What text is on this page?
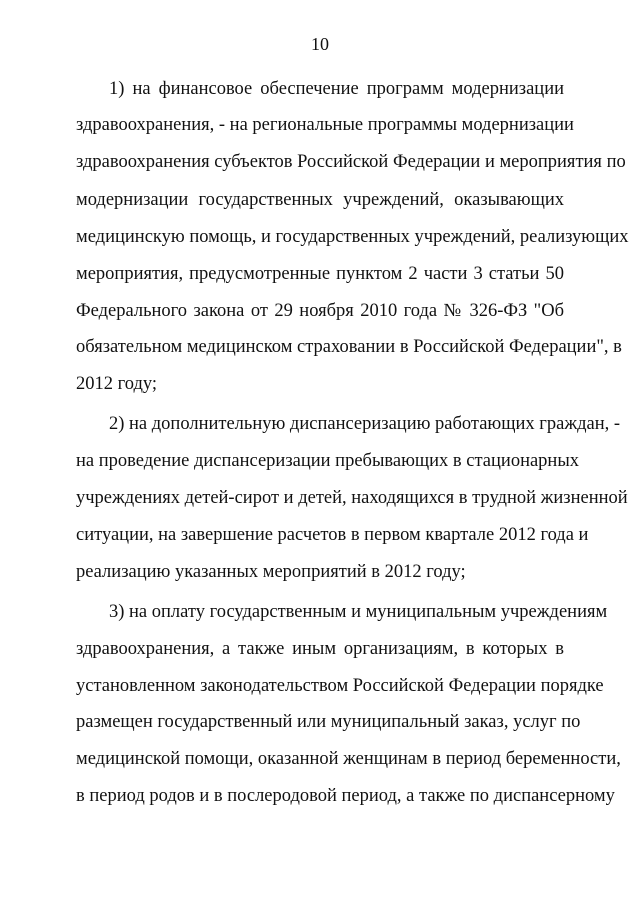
10
1) на финансовое обеспечение программ модернизации
здравоохранения, - на региональные программы модернизации
здравоохранения субъектов Российской Федерации и мероприятия по
модернизации государственных учреждений, оказывающих
медицинскую помощь, и государственных учреждений, реализующих
мероприятия, предусмотренные пунктом 2 части 3 статьи 50
Федерального закона от 29 ноября 2010 года № 326-ФЗ "Об
обязательном медицинском страховании в Российской Федерации", в
2012 году;
2) на дополнительную диспансеризацию работающих граждан, -
на проведение диспансеризации пребывающих в стационарных
учреждениях детей-сирот и детей, находящихся в трудной жизненной
ситуации, на завершение расчетов в первом квартале 2012 года и
реализацию указанных мероприятий в 2012 году;
3) на оплату государственным и муниципальным учреждениям
здравоохранения, а также иным организациям, в которых в
установленном законодательством Российской Федерации порядке
размещен государственный или муниципальный заказ, услуг по
медицинской помощи, оказанной женщинам в период беременности,
в период родов и в послеродовой период, а также по диспансерному
